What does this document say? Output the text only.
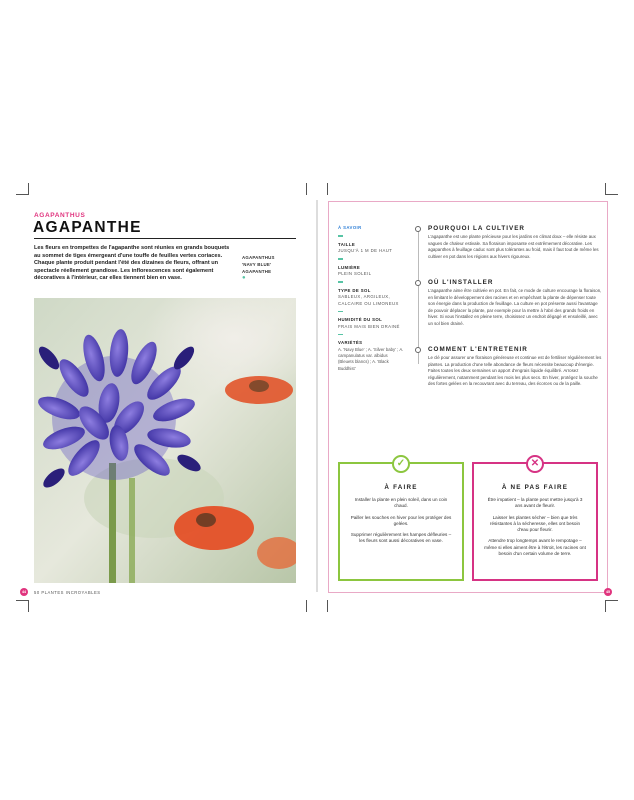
AGAPANTHUS
AGAPANTHE

Les fleurs en trompettes de l'agapanthe sont réunies en grands bouquets au sommet de tiges émergeant d'une touffe de feuilles vertes coriaces. Chaque plante produit pendant l'été des dizaines de fleurs, offrant un spectacle réellement grandiose. Les inflorescences sont également décoratives à l'intérieur, car elles tiennent bien en vase.

AGAPANTHUS
'NAVY BLUE'
AGAPANTHE
●
44	50 PLANTES INCROYABLES
À SAVOIR
TAILLE
JUSQU'À 1 M DE HAUT
LUMIÈRE
PLEIN SOLEIL
TYPE DE SOL
SABLEUX, ARGILEUX, CALCAIRE OU LIMONEUX
HUMIDITÉ DU SOL
FRAIS MAIS BIEN DRAINÉ
VARIÉTÉS
A. 'Navy Blue' ; A. 'Silver baby' ; A. campanulatus var. albidus (Bleuets blancs) ; A. 'Black Buddhist'
POURQUOI LA CULTIVER

L'agapanthe est une plante précieuse pour les jardins en climat doux – elle résiste aux vagues de chaleur estivale. Sa floraison imposante est extrêmement décorative. Les agapanthes à feuillage caduc sont plus tolérantes au froid, mais il faut tout de même les cultiver en pot dans les régions aux hivers rigoureux.

OÙ L'INSTALLER

L'agapanthe aime être cultivée en pot. En fait, ce mode de culture encourage la floraison, en limitant le développement des racines et en empêchant la plante de dépenser toute son énergie dans la production de feuillage. La culture en pot présente aussi l'avantage de pouvoir déplacer la plante, par exemple pour la mettre à l'abri des grands froids en hiver. Si vous l'installez en pleine terre, choisissez un endroit dégagé et ensoleillé, avec un sol bien drainé.

COMMENT L'ENTRETENIR

Le clé pour assurer une floraison généreuse et continue est de fertiliser régulièrement les plantes. La production d'une telle abondance de fleurs nécessite beaucoup d'énergie. Faites toutes les deux semaines un apport d'engrais liquide équilibré. Arrosez régulièrement, notamment pendant les mois les plus secs. En hiver, protégez la souche des fortes gelées en la recouvrant avec du terreau, des écorces ou de la paille.

✓
À FAIRE

Installer la plante en plein soleil, dans un coin chaud.

Pailler les souches en hiver pour les protéger des gelées.

Supprimer régulièrement les hampes défleuries – les fleurs sont aussi décoratives en vase.

✕
À NE PAS FAIRE

Être impatient – la plante peut mettre jusqu'à 3 ans avant de fleurir.

Laisser les plantes sécher – bien que très résistantes à la sécheresse, elles ont besoin d'eau pour fleurir.

Attendre trop longtemps avant le rempotage – même si elles aiment être à l'étroit, les racines ont besoin d'un certain volume de terre.

45
